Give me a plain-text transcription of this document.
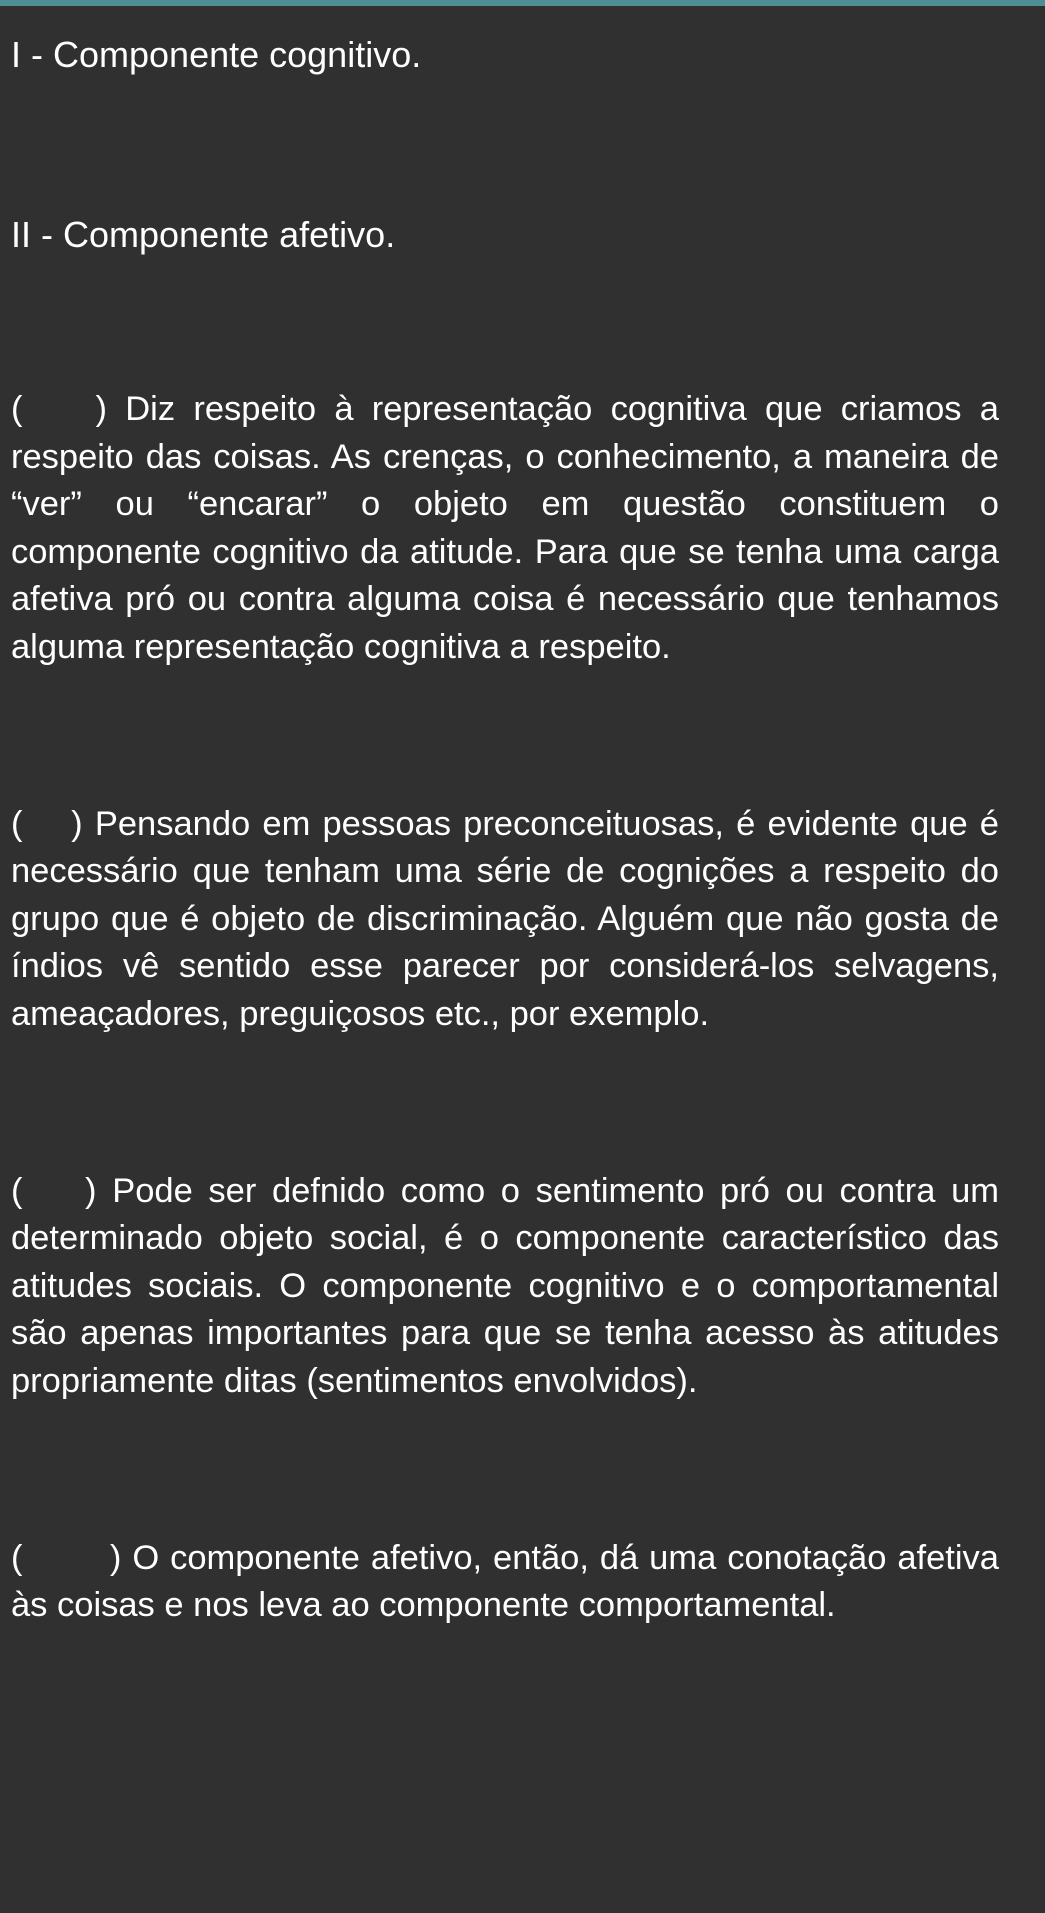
I - Componente cognitivo.

II - Componente afetivo.

(    ) Diz respeito à representação cognitiva que criamos a respeito das coisas. As crenças, o conhecimento, a maneira de “ver” ou “encarar” o objeto em questão constituem o componente cognitivo da atitude. Para que se tenha uma carga afetiva pró ou contra alguma coisa é necessário que tenhamos alguma representação cognitiva a respeito.

(    ) Pensando em pessoas preconceituosas, é evidente que é necessário que tenham uma série de cognições a respeito do grupo que é objeto de discriminação. Alguém que não gosta de índios vê sentido esse parecer por considerá-los selvagens, ameaçadores, preguiçosos etc., por exemplo.

(    ) Pode ser defnido como o sentimento pró ou contra um determinado objeto social, é o componente característico das atitudes sociais. O componente cognitivo e o comportamental são apenas importantes para que se tenha acesso às atitudes propriamente ditas (sentimentos envolvidos).

(        ) O componente afetivo, então, dá uma conotação afetiva às coisas e nos leva ao componente comportamental.
